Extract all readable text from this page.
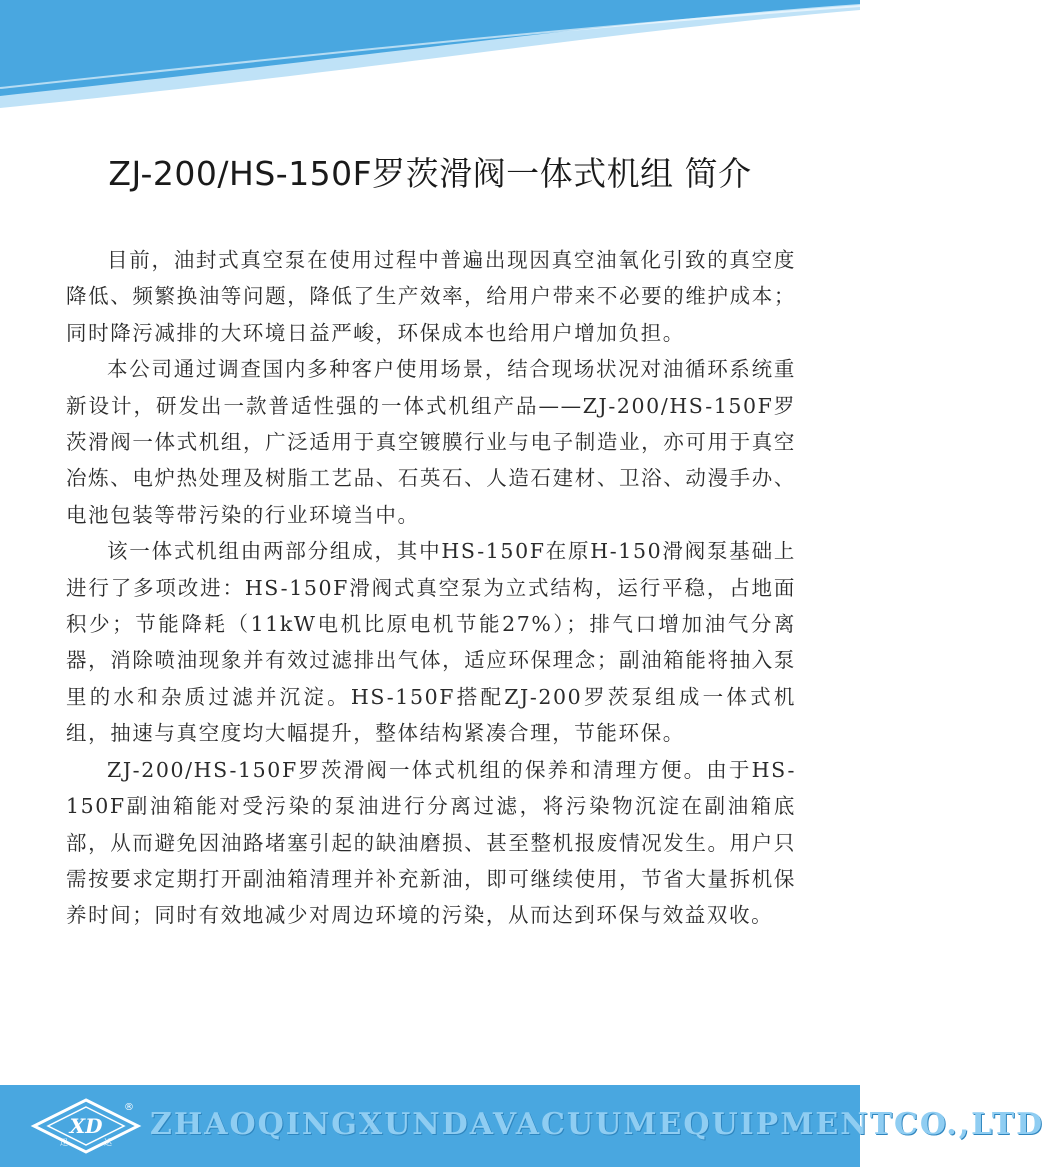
ZJ-200/HS-150F罗茨滑阀一体式机组 简介

目前，油封式真空泵在使用过程中普遍出现因真空油氧化引致的真空度降低、频繁换油等问题，降低了生产效率，给用户带来不必要的维护成本；同时降污减排的大环境日益严峻，环保成本也给用户增加负担。

本公司通过调查国内多种客户使用场景，结合现场状况对油循环系统重新设计，研发出一款普适性强的一体式机组产品——ZJ-200/HS-150F罗茨滑阀一体式机组，广泛适用于真空镀膜行业与电子制造业，亦可用于真空冶炼、电炉热处理及树脂工艺品、石英石、人造石建材、卫浴、动漫手办、电池包装等带污染的行业环境当中。

该一体式机组由两部分组成，其中HS-150F在原H-150滑阀泵基础上进行了多项改进：HS-150F滑阀式真空泵为立式结构，运行平稳，占地面积少；节能降耗（11kW电机比原电机节能27%）；排气口增加油气分离器，消除喷油现象并有效过滤排出气体，适应环保理念；副油箱能将抽入泵里的水和杂质过滤并沉淀。HS-150F搭配ZJ-200罗茨泵组成一体式机组，抽速与真空度均大幅提升，整体结构紧凑合理，节能环保。

ZJ-200/HS-150F罗茨滑阀一体式机组的保养和清理方便。由于HS-150F副油箱能对受污染的泵油进行分离过滤，将污染物沉淀在副油箱底部，从而避免因油路堵塞引起的缺油磨损、甚至整机报废情况发生。用户只需按要求定期打开副油箱清理并补充新油，即可继续使用，节省大量拆机保养时间；同时有效地减少对周边环境的污染，从而达到环保与效益双收。

XD
迅	达
® ZHAOQINGXUNDAVACUUMEQUIPMENTCO.,LTD
